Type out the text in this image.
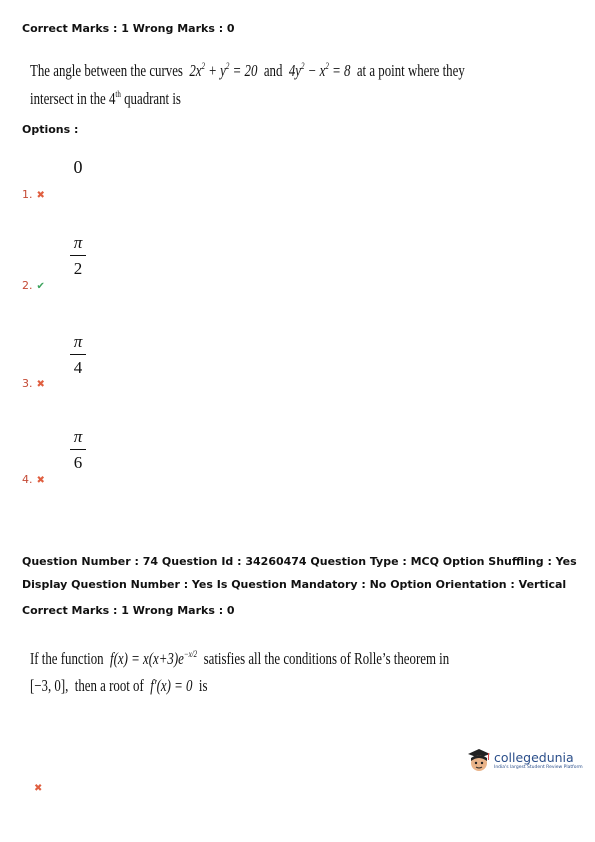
Correct Marks : 1 Wrong Marks : 0
The angle between the curves $2x^2 + y^2 = 20$ and $4y^2 - x^2 = 8$ at a point where they
intersect in the 4th quadrant is
Options :
0
1. ✖
π
2
2. ✔
π
4
3. ✖
π
6
4. ✖
Question Number : 74 Question Id : 34260474 Question Type : MCQ Option Shuffling : Yes
Display Question Number : Yes Is Question Mandatory : No Option Orientation : Vertical
Correct Marks : 1 Wrong Marks : 0
If the function $f(x) = x(x+3)e^{-x/2}$ satisfies all the conditions of Rolle’s theorem in
[−3, 0], then a root of f′(x) = 0 is
collegedunia
India's largest Student Review Platform
✖
